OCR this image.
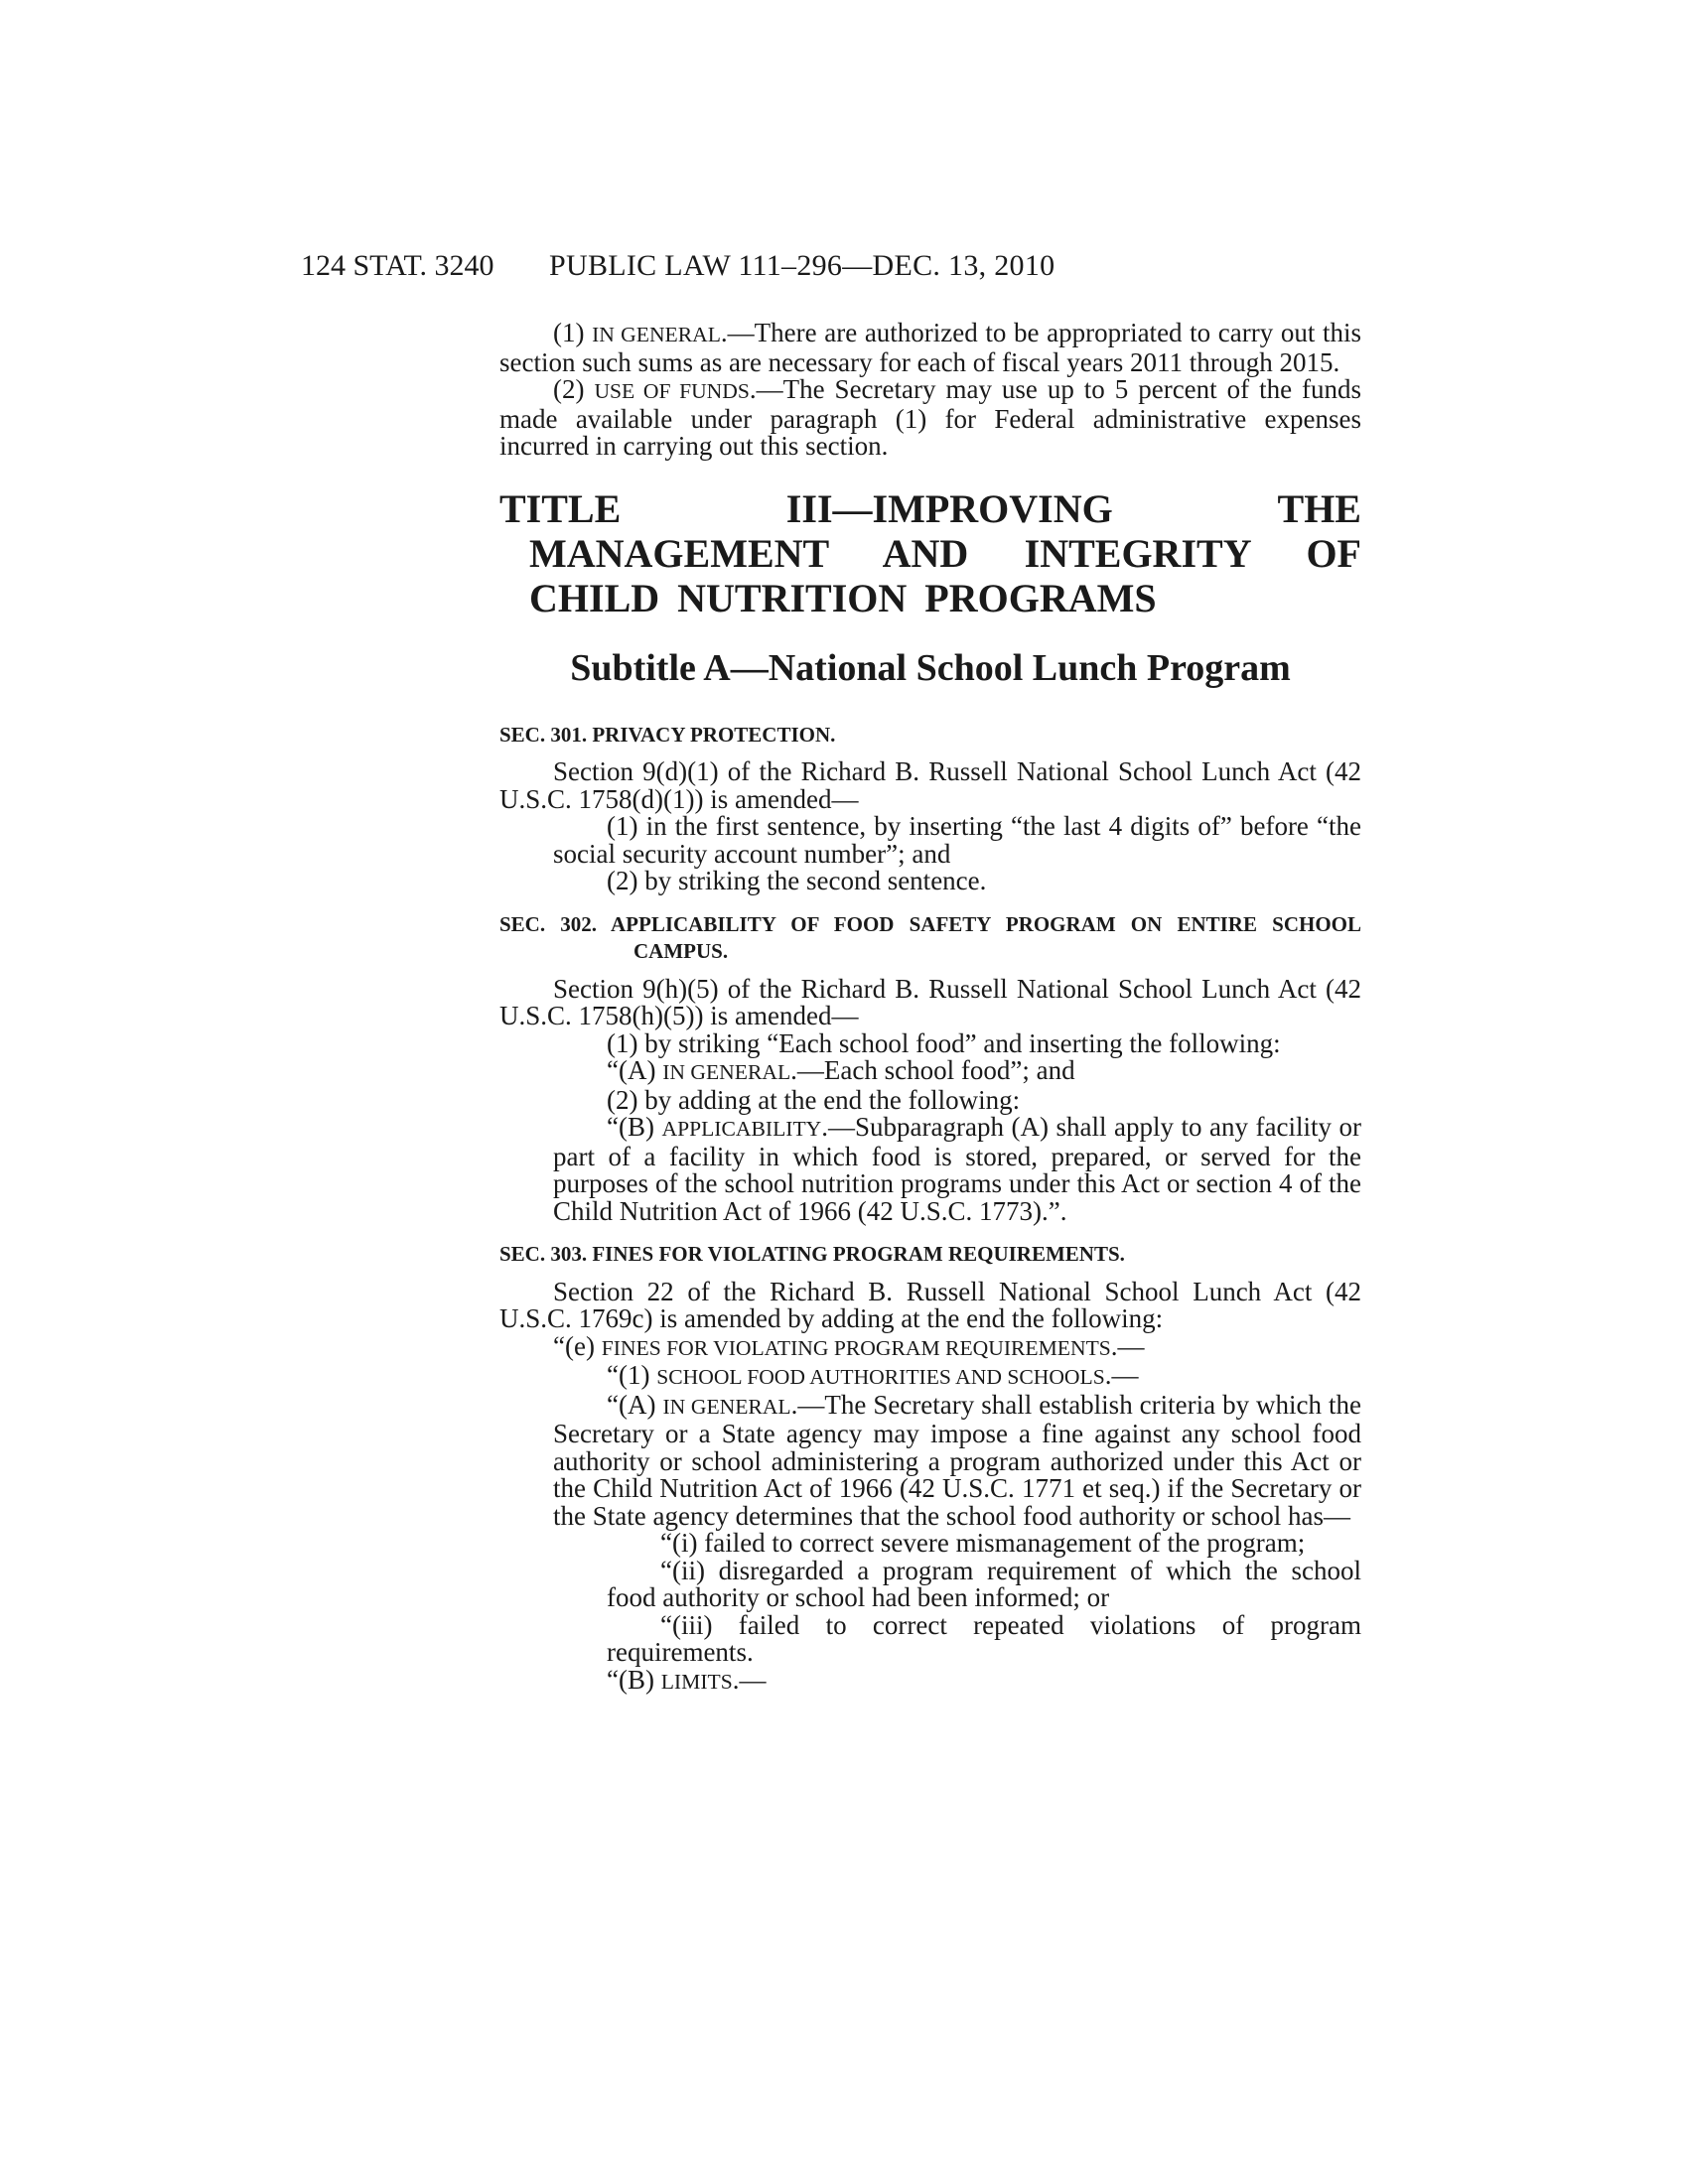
124 STAT. 3240 PUBLIC LAW 111–296—DEC. 13, 2010

(1) IN GENERAL.—There are authorized to be appropriated to carry out this section such sums as are necessary for each of fiscal years 2011 through 2015.

(2) USE OF FUNDS.—The Secretary may use up to 5 percent of the funds made available under paragraph (1) for Federal administrative expenses incurred in carrying out this section.

TITLE III—IMPROVING THE MANAGEMENT AND INTEGRITY OF CHILD NUTRITION PROGRAMS
Subtitle A—National School Lunch Program
SEC. 301. PRIVACY PROTECTION.

Section 9(d)(1) of the Richard B. Russell National School Lunch Act (42 U.S.C. 1758(d)(1)) is amended—

(1) in the first sentence, by inserting “the last 4 digits of” before “the social security account number”; and

(2) by striking the second sentence.

SEC. 302. APPLICABILITY OF FOOD SAFETY PROGRAM ON ENTIRE SCHOOL CAMPUS.

Section 9(h)(5) of the Richard B. Russell National School Lunch Act (42 U.S.C. 1758(h)(5)) is amended—

(1) by striking “Each school food” and inserting the following:

“(A) IN GENERAL.—Each school food”; and

(2) by adding at the end the following:

“(B) APPLICABILITY.—Subparagraph (A) shall apply to any facility or part of a facility in which food is stored, prepared, or served for the purposes of the school nutrition programs under this Act or section 4 of the Child Nutrition Act of 1966 (42 U.S.C. 1773).”.

SEC. 303. FINES FOR VIOLATING PROGRAM REQUIREMENTS.

Section 22 of the Richard B. Russell National School Lunch Act (42 U.S.C. 1769c) is amended by adding at the end the following:

“(e) FINES FOR VIOLATING PROGRAM REQUIREMENTS.—

“(1) SCHOOL FOOD AUTHORITIES AND SCHOOLS.—

“(A) IN GENERAL.—The Secretary shall establish criteria by which the Secretary or a State agency may impose a fine against any school food authority or school administering a program authorized under this Act or the Child Nutrition Act of 1966 (42 U.S.C. 1771 et seq.) if the Secretary or the State agency determines that the school food authority or school has—

“(i) failed to correct severe mismanagement of the program;

“(ii) disregarded a program requirement of which the school food authority or school had been informed; or

“(iii) failed to correct repeated violations of program requirements.

“(B) LIMITS.—
